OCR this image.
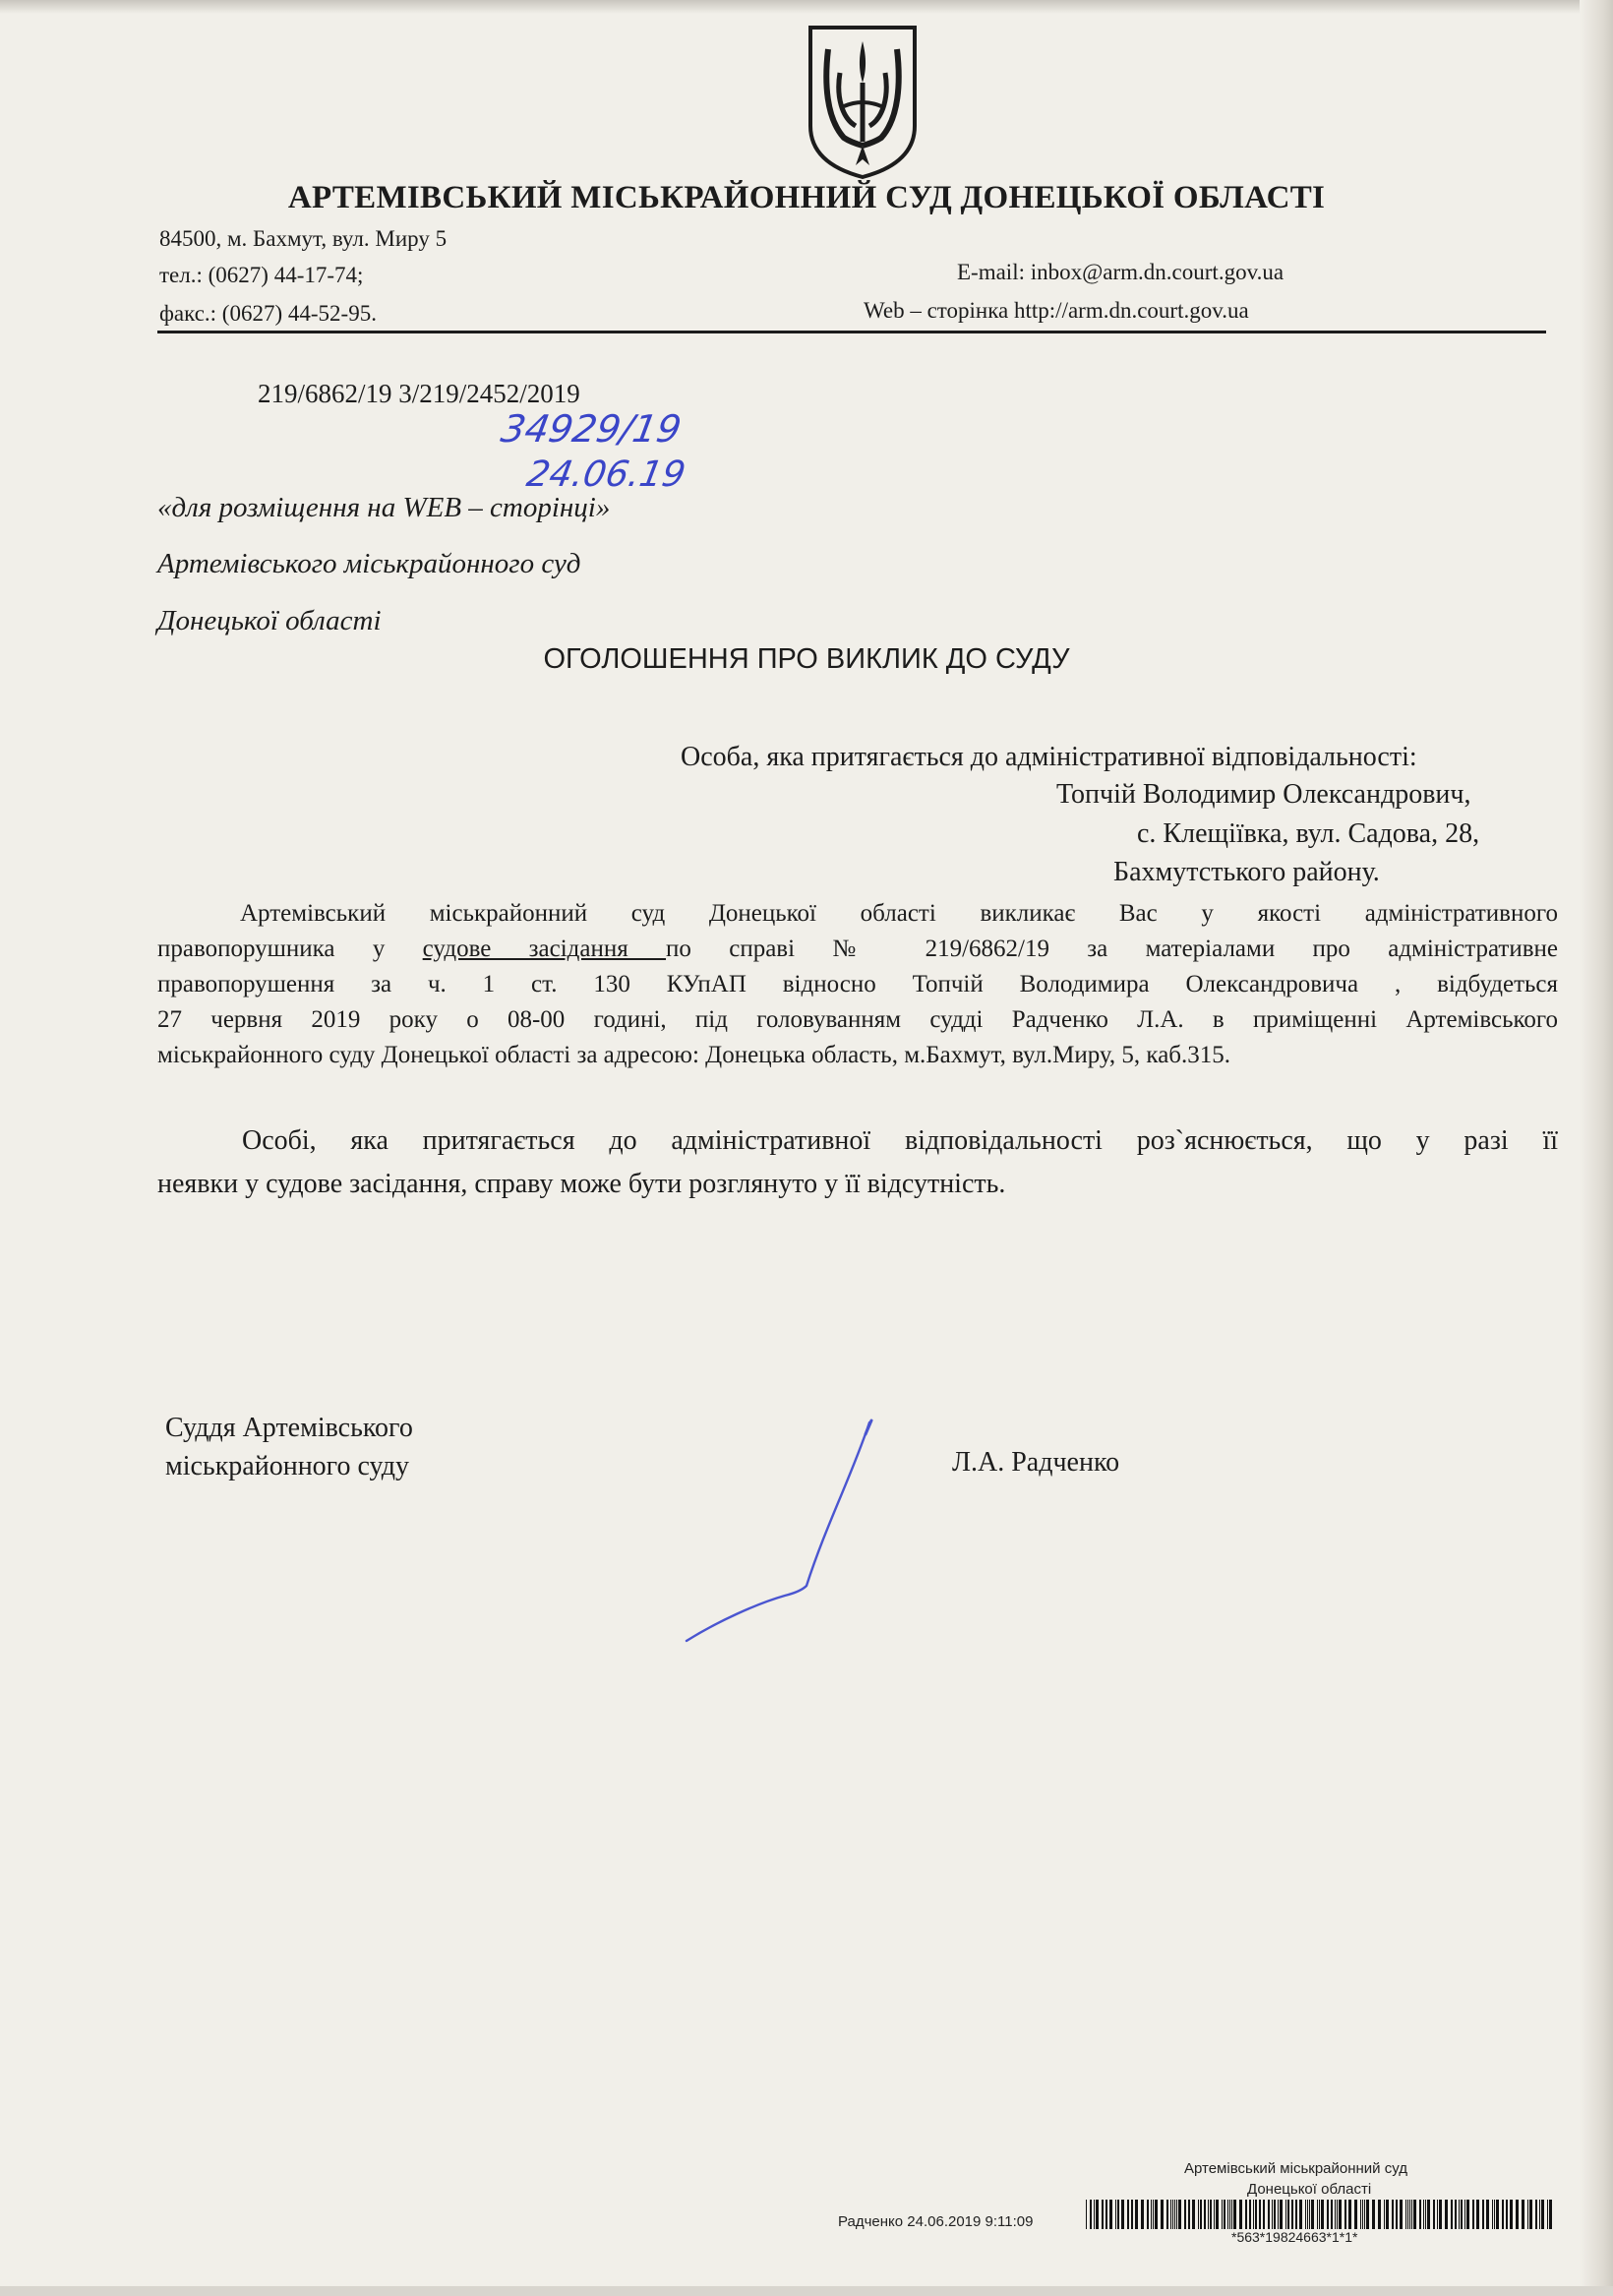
АРТЕМІВСЬКИЙ МІСЬКРАЙОННИЙ СУД ДОНЕЦЬКОЇ ОБЛАСТІ
84500, м. Бахмут, вул. Миру 5
тел.: (0627) 44-17-74;
факс.: (0627) 44-52-95.
E-mail: inbox@arm.dn.court.gov.ua
Web – сторінка http://arm.dn.court.gov.ua
219/6862/19 3/219/2452/2019
34929/19
24.06.19
«для розміщення на WEB – сторінці»
Артемівського міськрайонного суд
Донецької області
ОГОЛОШЕННЯ ПРО ВИКЛИК ДО СУДУ
Особа, яка притягається до адміністративної відповідальності:
Топчій Володимир Олександрович,
с. Клещіївка, вул. Садова, 28,
Бахмутстького району.
Артемівський міськрайонний суд Донецької області викликає Вас у якості адміністративного
правопорушника у судове засідання по справі № 219/6862/19 за матеріалами про адміністративне
правопорушення за ч. 1 ст. 130 КУпАП відносно Топчій Володимира Олександровича , відбудеться
27 червня 2019 року о 08-00 годині, під головуванням судді Радченко Л.А. в приміщенні Артемівського
міськрайонного суду Донецької області за адресою: Донецька область, м.Бахмут, вул.Миру, 5, каб.315.
Особі, яка притягається до адміністративної відповідальності роз`яснюється, що у разі її
неявки у судове засідання, справу може бути розглянуто у її відсутність.
Суддя Артемівського
міськрайонного суду	Л.А. Радченко
Артемівський міськрайонний суд
Донецької області
Радченко 24.06.2019 9:11:09
*563*19824663*1*1*
